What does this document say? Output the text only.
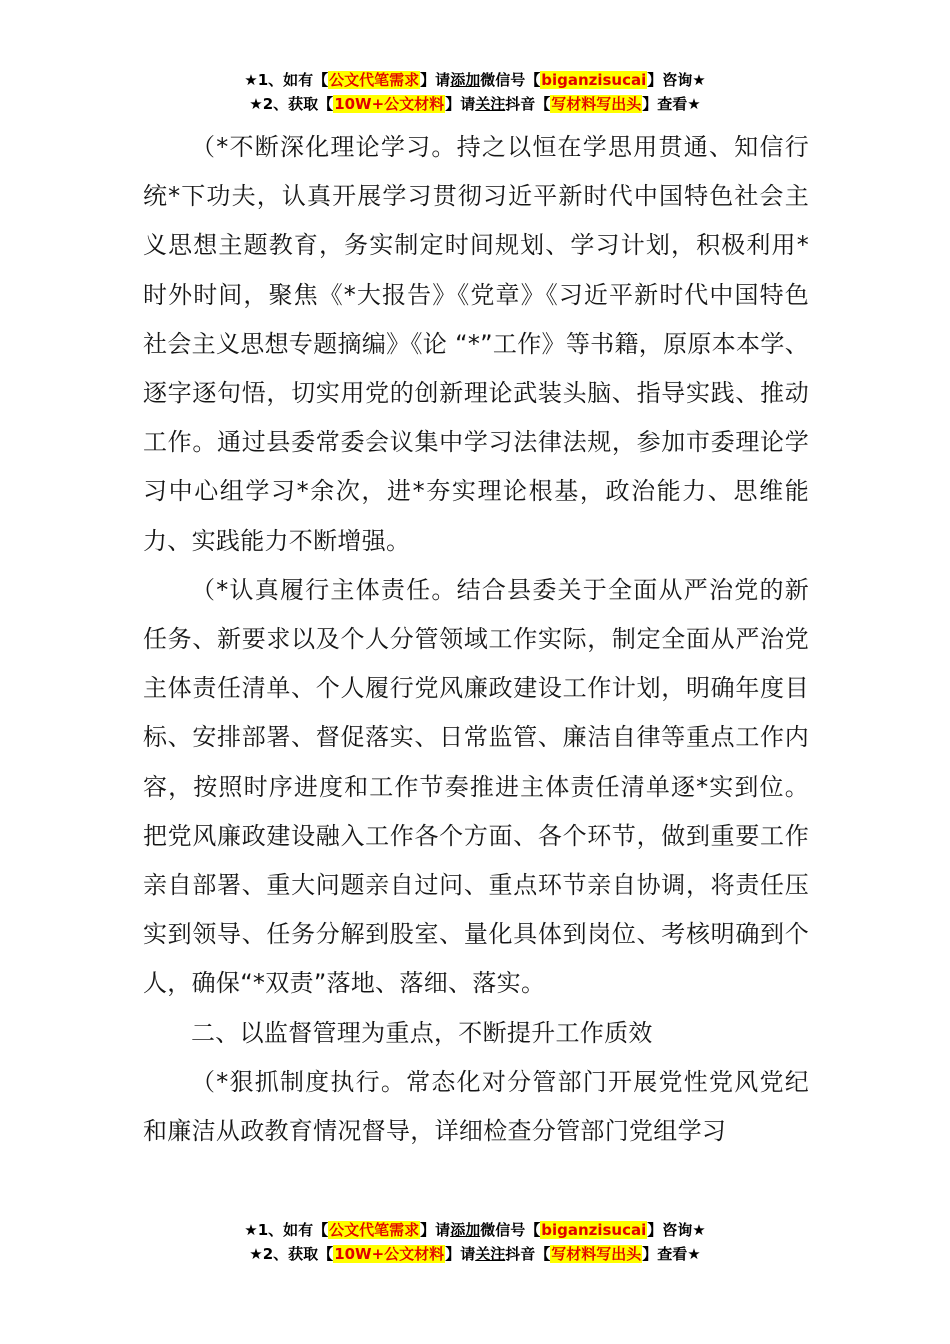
★1、如有【公文代笔需求】请添加微信号【biganzisucai】咨询★
★2、获取【10W+公文材料】请关注抖音【写材料写出头】查看★

（*不断深化理论学习。持之以恒在学思用贯通、知信行统*下功夫，认真开展学习贯彻习近平新时代中国特色社会主义思想主题教育，务实制定时间规划、学习计划，积极利用*时外时间，聚焦《*大报告》《党章》《习近平新时代中国特色社会主义思想专题摘编》《论 “*”工作》等书籍，原原本本学、逐字逐句悟，切实用党的创新理论武装头脑、指导实践、推动工作。通过县委常委会议集中学习法律法规，参加市委理论学习中心组学习*余次，进*夯实理论根基，政治能力、思维能力、实践能力不断增强。

（*认真履行主体责任。结合县委关于全面从严治党的新任务、新要求以及个人分管领域工作实际，制定全面从严治党主体责任清单、个人履行党风廉政建设工作计划，明确年度目标、安排部署、督促落实、日常监管、廉洁自律等重点工作内容，按照时序进度和工作节奏推进主体责任清单逐*实到位。把党风廉政建设融入工作各个方面、各个环节，做到重要工作亲自部署、重大问题亲自过问、重点环节亲自协调，将责任压实到领导、任务分解到股室、量化具体到岗位、考核明确到个人，确保“*双责”落地、落细、落实。

二、以监督管理为重点，不断提升工作质效

（*狠抓制度执行。常态化对分管部门开展党性党风党纪和廉洁从政教育情况督导，详细检查分管部门党组学习

★1、如有【公文代笔需求】请添加微信号【biganzisucai】咨询★
★2、获取【10W+公文材料】请关注抖音【写材料写出头】查看★
